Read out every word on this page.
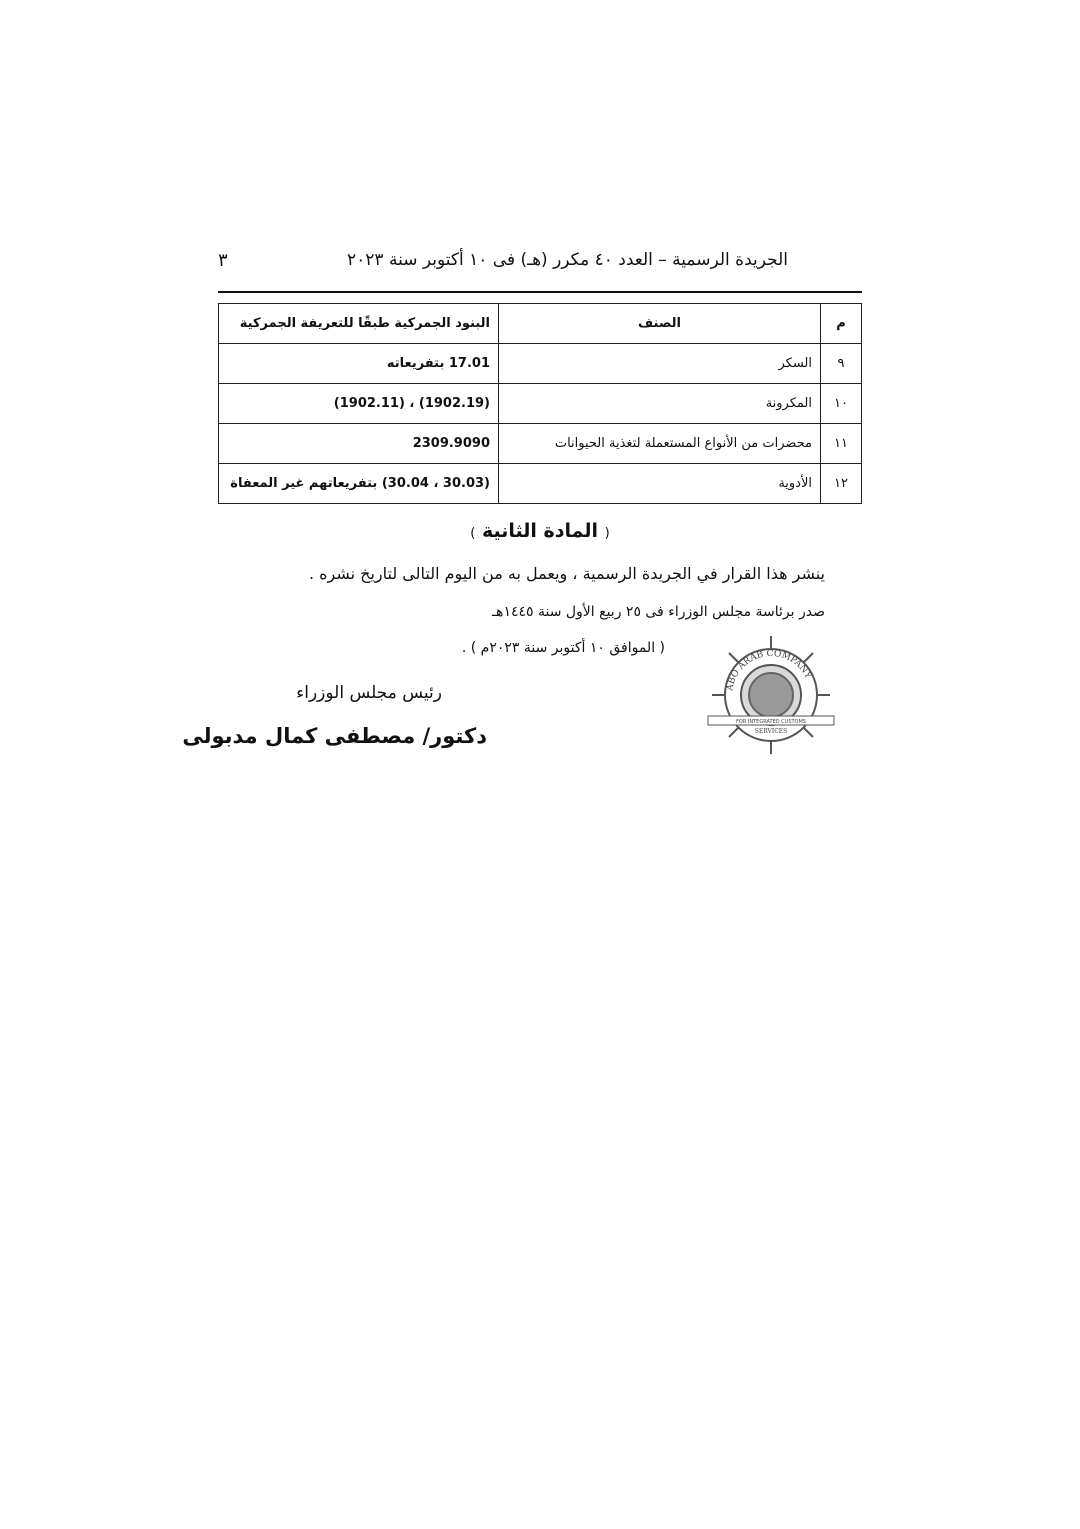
الجريدة الرسمية – العدد ٤٠ مكرر (هـ) فى ١٠ أكتوبر سنة ٢٠٢٣
٣
م	الصنف	البنود الجمركية طبقًا للتعريفة الجمركية
٩	السكر	17.01 بتفريعاته
١٠	المكرونة	(1902.19) ، (1902.11)
١١	محضرات من الأنواع المستعملة لتغذية الحيوانات	2309.9090
١٢	الأدوية	(30.03 ، 30.04) بتفريعاتهم غير المعفاة
( المادة الثانية )
ينشر هذا القرار في الجريدة الرسمية ، ويعمل به من اليوم التالى لتاريخ نشره .
صدر برئاسة مجلس الوزراء فى ٢٥ ربيع الأول سنة ١٤٤٥هـ
( الموافق ١٠ أكتوبر سنة ٢٠٢٣م ) .
رئيس مجلس الوزراء
دكتور/ مصطفى كمال مدبولى
ABO ARAB COMPANY
FOR INTEGRATED CUSTOMS
SERVICES
